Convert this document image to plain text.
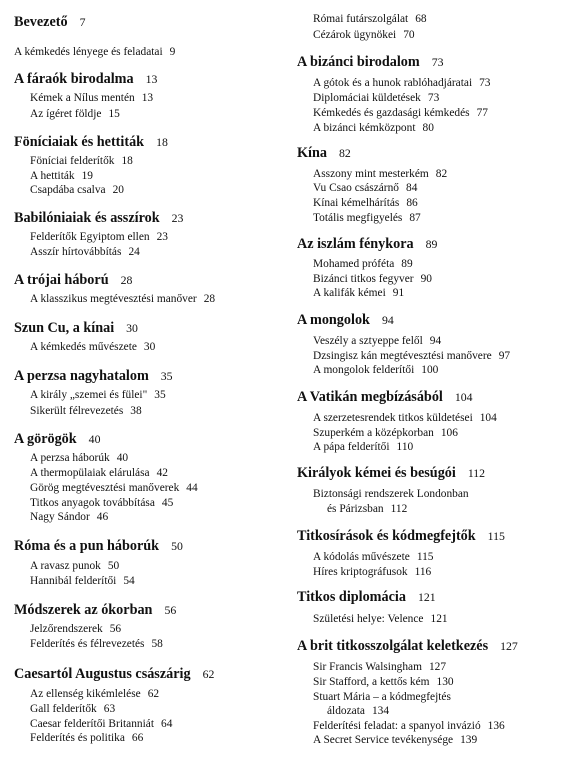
Bevezető 7
A kémkedés lényege és feladatai 9
A fáraók birodalma 13
Kémek a Nílus mentén 13
Az ígéret földje 15
Föníciaiak és hettiták 18
Föníciai felderítők 18
A hettiták 19
Csapdába csalva 20
Babilóniaiak és asszírok 23
Felderítők Egyiptom ellen 23
Asszír hírtovábbítás 24
A trójai háború 28
A klasszikus megtévesztési manőver 28
Szun Cu, a kínai 30
A kémkedés művészete 30
A perzsa nagyhatalom 35
A király „szemei és fülei" 35
Sikerült félrevezetés 38
A görögök 40
A perzsa háborúk 40
A thermopülaiak elárulása 42
Görög megtévesztési manőverek 44
Titkos anyagok továbbítása 45
Nagy Sándor 46
Róma és a pun háborúk 50
A ravasz punok 50
Hannibál felderítői 54
Módszerek az ókorban 56
Jelzőrendszerek 56
Felderítés és félrevezetés 58
Caesartól Augustus császárig 62
Az ellenség kikémlelése 62
Gall felderítők 63
Caesar felderítői Britanniát 64
Felderítés és politika 66
Római futárszolgálat 68
Cézárok ügynökei 70
A bizánci birodalom 73
A gótok és a hunok rablóhadjáratai 73
Diplomáciai küldetések 73
Kémkedés és gazdasági kémkedés 77
A bizánci kémközpont 80
Kína 82
Asszony mint mesterkém 82
Vu Csao császárnő 84
Kínai kémelhárítás 86
Totális megfigyelés 87
Az iszlám fénykora 89
Mohamed próféta 89
Bizánci titkos fegyver 90
A kalifák kémei 91
A mongolok 94
Veszély a sztyeppe felől 94
Dzsingisz kán megtévesztési manővere 97
A mongolok felderítői 100
A Vatikán megbízásából 104
A szerzetesrendek titkos küldetései 104
Szuperkém a középkorban 106
A pápa felderítői 110
Királyok kémei és besúgói 112
Biztonsági rendszerek Londonban
és Párizsban 112
Titkosírások és kódmegfejtők 115
A kódolás művészete 115
Híres kriptográfusok 116
Titkos diplomácia 121
Születési helye: Velence 121
A brit titkosszolgálat keletkezés 127
Sir Francis Walsingham 127
Sir Stafford, a kettős kém 130
Stuart Mária – a kódmegfejtés
áldozata 134
Felderítési feladat: a spanyol invázió 136
A Secret Service tevékenysége 139
